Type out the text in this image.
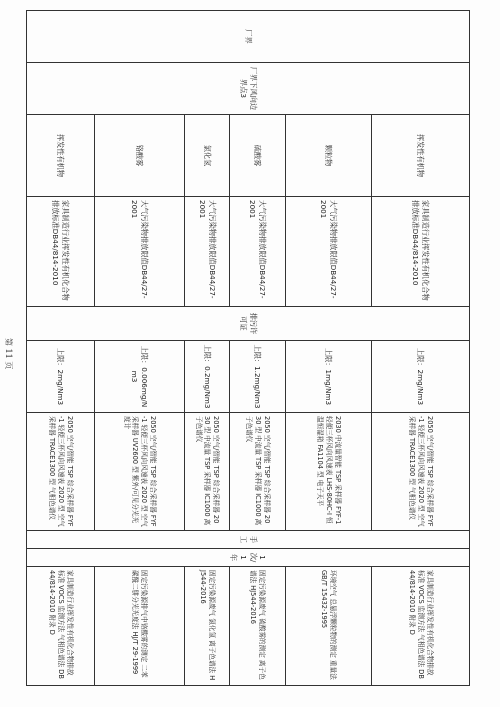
厂界	厂界下风向边界点3	挥发性有机物	家具制造行业挥发性有机化合物排放标准DB44/814-2010	排污许可证	上限：2mg/Nm3	2050 空气/智能 TSP 综合采样器 FYF-1 轻便三杯风向风速表 2020 型 空气采样器 TRACE1300 型 气相色谱仪	手工	1次/1年	家具制造行业挥发性有机化合物排放标准 VOCS 监测方法 气相色谱法 DB 44/814-2010 附录 D
		颗粒物	大气污染物排放限值DB44/27-2001		上限：1mg/Nm3	2030 中流量智能 TSP 采样器 FYF-1 轻便三杯风向风速表 LHS-80HC-I 恒温恒湿箱 FA1104 型 电子天平			环境空气 总悬浮颗粒物的测定 重量法 GB/T 15432-1995
		硫酸雾	大气污染物排放限值DB44/27-2001		上限：1.2mg/Nm3	2050 空气/智能 TSP 综合采样器 2030 型 中流量 TSP 采样器 IC1000 离子色谱仪			固定污染源废气 硫酸雾的测定 离子色谱法 HJ544-2016
		氯化氢	大气污染物排放限值DB44/27-2001		上限：0.2mg/Nm3	2050 空气/智能 TSP 综合采样器 2030 型 中流量 TSP 采样器 IC1000 离子色谱仪			固定污染源废气 氯化氢 离子色谱法 HJ544-2016
		铬酸雾	大气污染物排放限值DB44/27-2001		上限：0.006mg/Nm3	2050 空气/智能 TSP 综合采样器 FYF-1 轻便三杯风向风速表 2020 型 空气采样器 UV2600 型 紫外/可见分光光度计			固定污染源排气中铬酸雾的测定 二苯碳酰二肼分光光度法 HJ/T 29-1999
		挥发性有机物	家具制造行业挥发性有机化合物排放标准DB44/814-2010		上限：2mg/Nm3	2050 空气/智能 TSP 综合采样器 FYF-1 轻便三杯风向风速表 2020 型 空气采样器 TRACE1300 型 气相色谱仪			家具制造行业挥发性有机化合物排放标准 VOCS 监测方法 气相色谱法 DB 44/814-2010 附录 D
第 11 页
